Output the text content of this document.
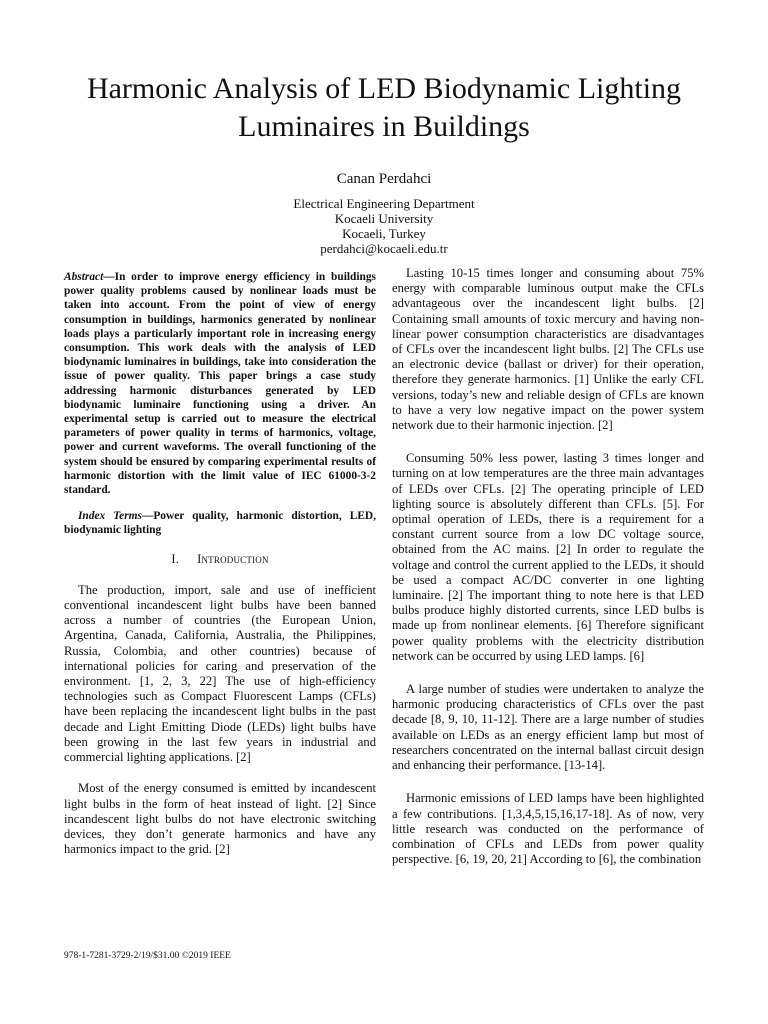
Harmonic Analysis of LED Biodynamic Lighting
Luminaires in Buildings
Canan Perdahci
Electrical Engineering Department
Kocaeli University
Kocaeli, Turkey
perdahci@kocaeli.edu.tr

Abstract—In order to improve energy efficiency in buildings power quality problems caused by nonlinear loads must be taken into account. From the point of view of energy consumption in buildings, harmonics generated by nonlinear loads plays a particularly important role in increasing energy consumption. This work deals with the analysis of LED biodynamic luminaires in buildings, take into consideration the issue of power quality. This paper brings a case study addressing harmonic disturbances generated by LED biodynamic luminaire functioning using a driver. An experimental setup is carried out to measure the electrical parameters of power quality in terms of harmonics, voltage, power and current waveforms. The overall functioning of the system should be ensured by comparing experimental results of harmonic distortion with the limit value of IEC 61000-3-2 standard.

Index Terms—Power quality, harmonic distortion, LED, biodynamic lighting

I. Introduction

The production, import, sale and use of inefficient conventional incandescent light bulbs have been banned across a number of countries (the European Union, Argentina, Canada, California, Australia, the Philippines, Russia, Colombia, and other countries) because of international policies for caring and preservation of the environment. [1, 2, 3, 22] The use of high-efficiency technologies such as Compact Fluorescent Lamps (CFLs) have been replacing the incandescent light bulbs in the past decade and Light Emitting Diode (LEDs) light bulbs have been growing in the last few years in industrial and commercial lighting applications. [2]

Most of the energy consumed is emitted by incandescent light bulbs in the form of heat instead of light. [2] Since incandescent light bulbs do not have electronic switching devices, they don’t generate harmonics and have any harmonics impact to the grid. [2]

Lasting 10-15 times longer and consuming about 75% energy with comparable luminous output make the CFLs advantageous over the incandescent light bulbs. [2] Containing small amounts of toxic mercury and having non-linear power consumption characteristics are disadvantages of CFLs over the incandescent light bulbs. [2] The CFLs use an electronic device (ballast or driver) for their operation, therefore they generate harmonics. [1] Unlike the early CFL versions, today’s new and reliable design of CFLs are known to have a very low negative impact on the power system network due to their harmonic injection. [2]

Consuming 50% less power, lasting 3 times longer and turning on at low temperatures are the three main advantages of LEDs over CFLs. [2] The operating principle of LED lighting source is absolutely different than CFLs. [5]. For optimal operation of LEDs, there is a requirement for a constant current source from a low DC voltage source, obtained from the AC mains. [2] In order to regulate the voltage and control the current applied to the LEDs, it should be used a compact AC/DC converter in one lighting luminaire. [2] The important thing to note here is that LED bulbs produce highly distorted currents, since LED bulbs is made up from nonlinear elements. [6] Therefore significant power quality problems with the electricity distribution network can be occurred by using LED lamps. [6]

A large number of studies were undertaken to analyze the harmonic producing characteristics of CFLs over the past decade [8, 9, 10, 11-12]. There are a large number of studies available on LEDs as an energy efficient lamp but most of researchers concentrated on the internal ballast circuit design and enhancing their performance. [13-14].

Harmonic emissions of LED lamps have been highlighted a few contributions. [1,3,4,5,15,16,17-18]. As of now, very little research was conducted on the performance of combination of CFLs and LEDs from power quality perspective. [6, 19, 20, 21] According to [6], the combination

978-1-7281-3729-2/19/$31.00 ©2019 IEEE
